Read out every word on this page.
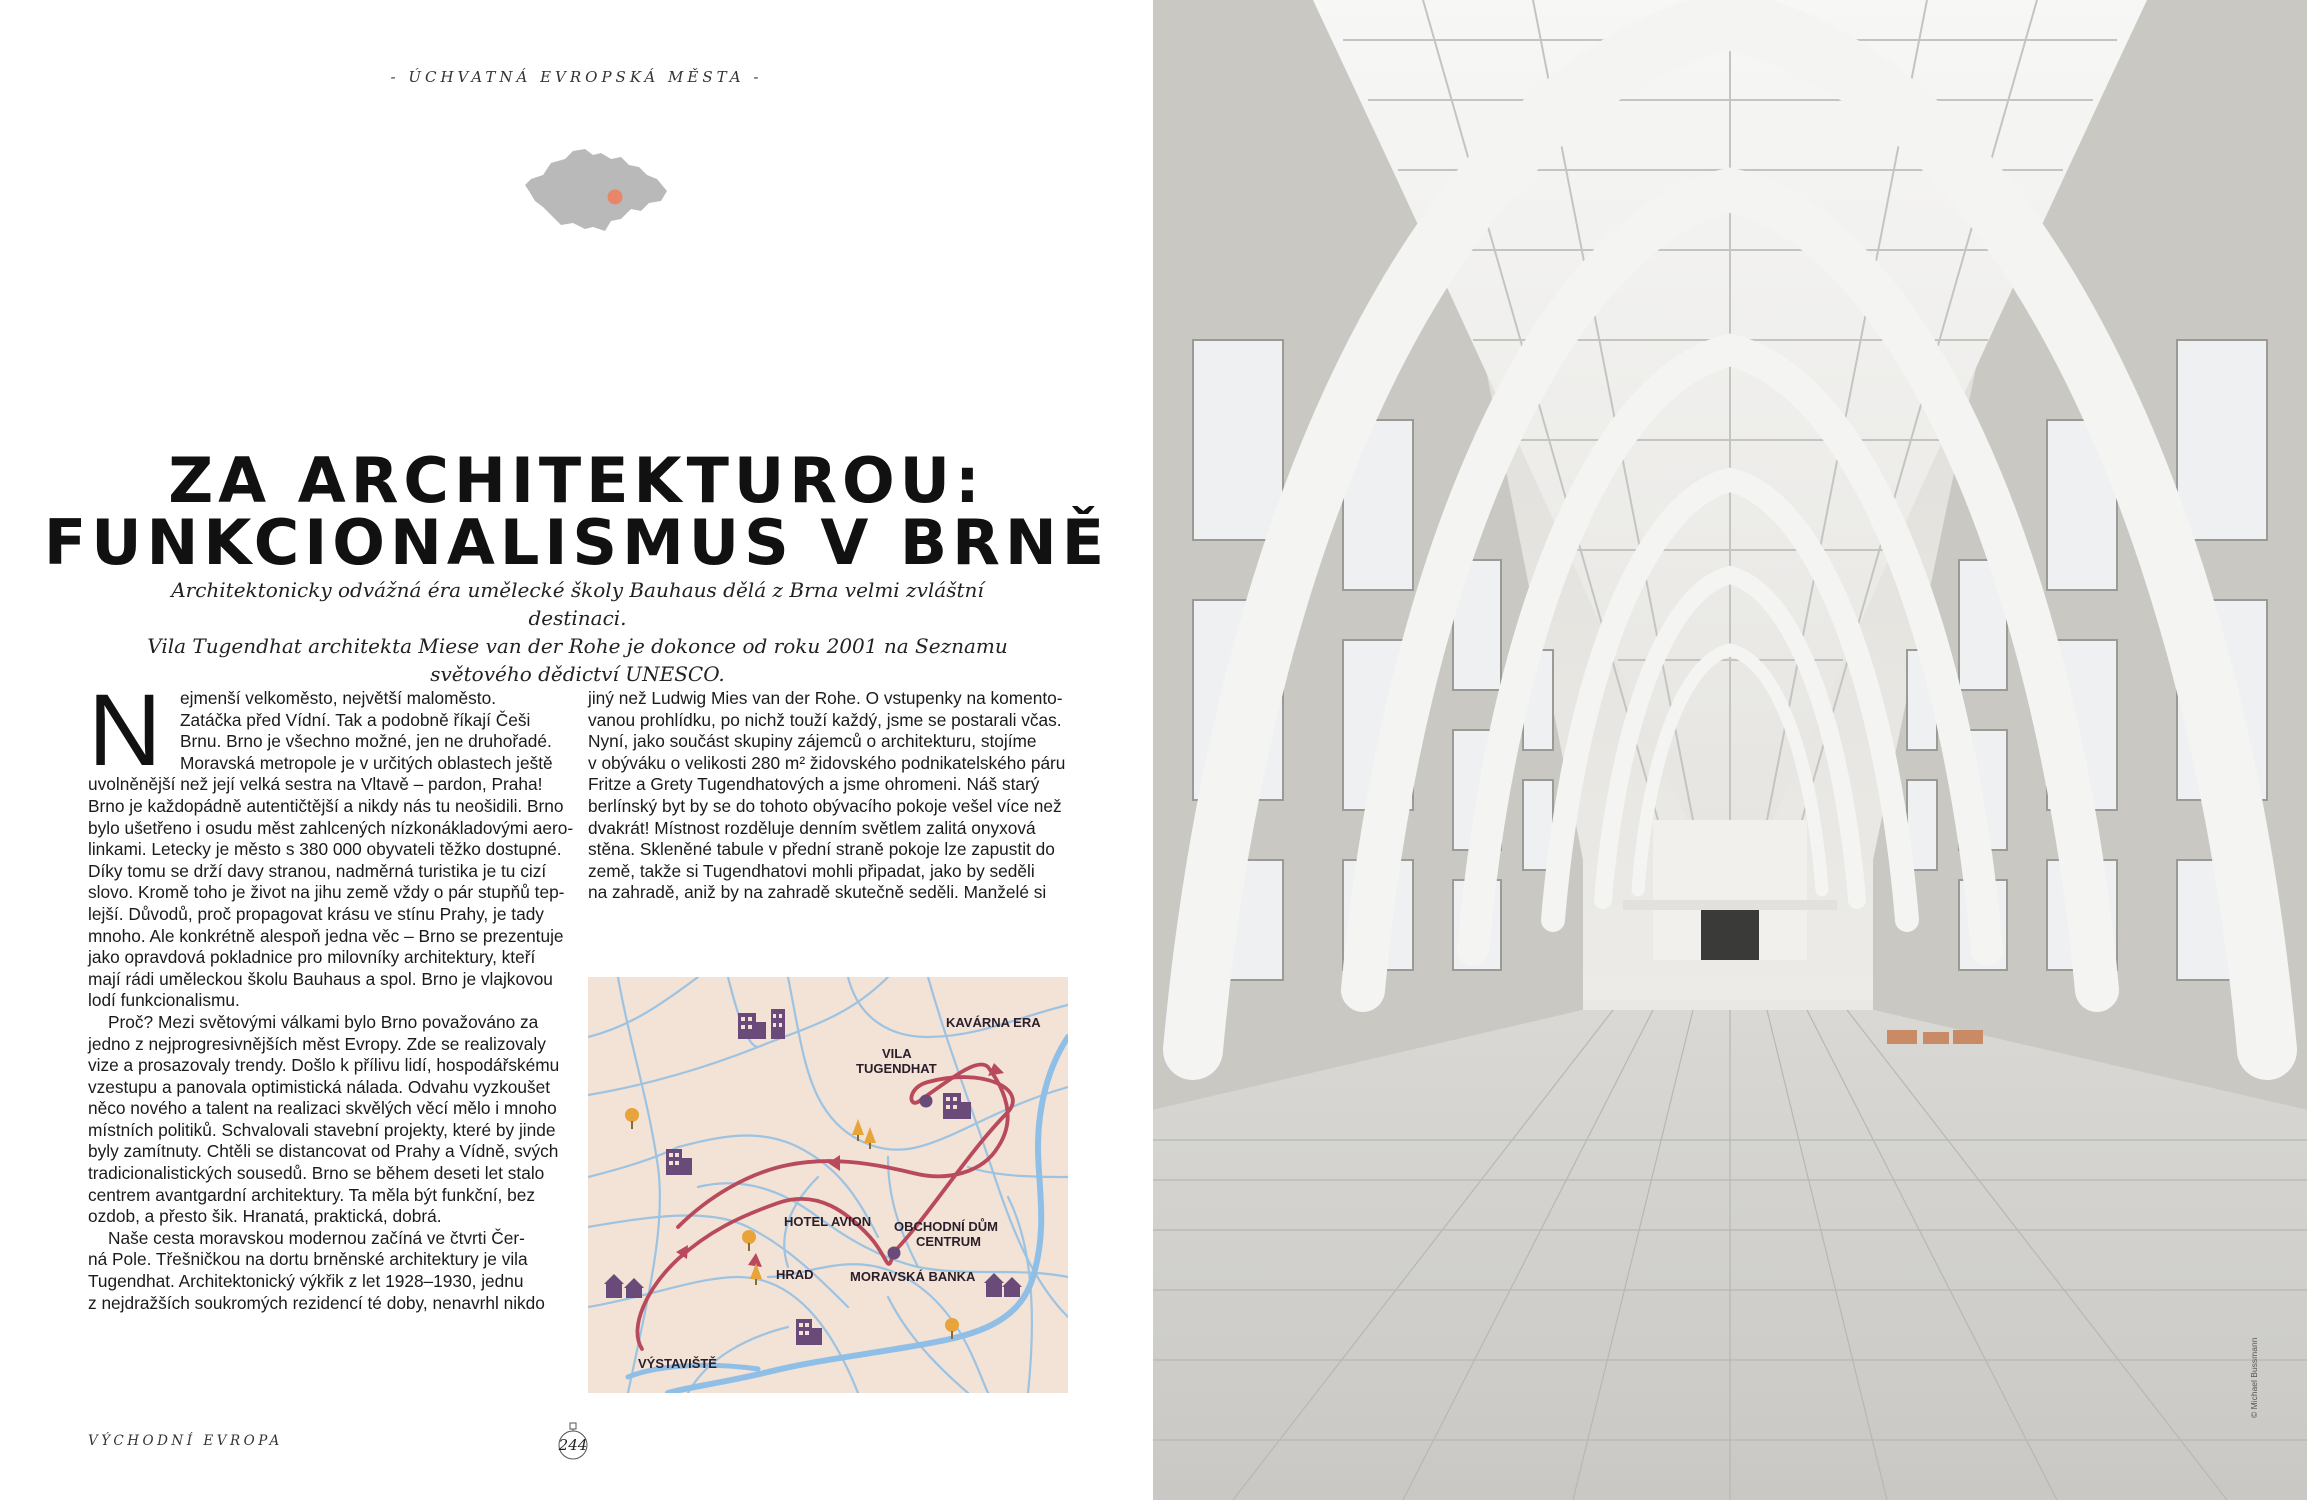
- ÚCHVATNÁ EVROPSKÁ MĚSTA -
ZA ARCHITEKTUROU:
FUNKCIONALISMUS V BRNĚ
Architektonicky odvážná éra umělecké školy Bauhaus dělá z Brna velmi zvláštní destinaci.
Vila Tugendhat architekta Miese van der Rohe je dokonce od roku 2001 na Seznamu
světového dědictví UNESCO.
N	ejmenší velkoměsto, největší maloměsto.
Zatáčka před Vídní. Tak a podobně říkají Češi
Brnu. Brno je všechno možné, jen ne druhořadé.
Moravská metropole je v určitých oblastech ještě
uvolněnější než její velká sestra na Vltavě – pardon, Praha!
Brno je každopádně autentičtější a nikdy nás tu neošidili. Brno
bylo ušetřeno i osudu měst zahlcených nízkonákladovými aero-
linkami. Letecky je město s 380 000 obyvateli těžko dostupné.
Díky tomu se drží davy stranou, nadměrná turistika je tu cizí
slovo. Kromě toho je život na jihu země vždy o pár stupňů tep-
lejší. Důvodů, proč propagovat krásu ve stínu Prahy, je tady
mnoho. Ale konkrétně alespoň jedna věc – Brno se prezentuje
jako opravdová pokladnice pro milovníky architektury, kteří
mají rádi uměleckou školu Bauhaus a spol. Brno je vlajkovou
lodí funkcionalismu.
Proč? Mezi světovými válkami bylo Brno považováno za
jedno z nejprogresivnějších měst Evropy. Zde se realizovaly
vize a prosazovaly trendy. Došlo k přílivu lidí, hospodářskému
vzestupu a panovala optimistická nálada. Odvahu vyzkoušet
něco nového a talent na realizaci skvělých věcí mělo i mnoho
místních politiků. Schvalovali stavební projekty, které by jinde
byly zamítnuty. Chtěli se distancovat od Prahy a Vídně, svých
tradicionalistických sousedů. Brno se během deseti let stalo
centrem avantgardní architektury. Ta měla být funkční, bez
ozdob, a přesto šik. Hranatá, praktická, dobrá.
Naše cesta moravskou modernou začíná ve čtvrti Čer-
ná Pole. Třešničkou na dortu brněnské architektury je vila
Tugendhat. Architektonický výkřik z let 1928–1930, jednu
z nejdražších soukromých rezidencí té doby, nenavrhl nikdo
jiný než Ludwig Mies van der Rohe. O vstupenky na komento-
vanou prohlídku, po nichž touží každý, jsme se postarali včas.
Nyní, jako součást skupiny zájemců o architekturu, stojíme
v obýváku o velikosti 280 m² židovského podnikatelského páru
Fritze a Grety Tugendhatových a jsme ohromeni. Náš starý
berlínský byt by se do tohoto obývacího pokoje vešel více než
dvakrát! Místnost rozděluje denním světlem zalitá onyxová
stěna. Skleněné tabule v přední straně pokoje lze zapustit do
země, takže si Tugendhatovi mohli připadat, jako by seděli
na zahradě, aniž by na zahradě skutečně seděli. Manželé si
KAVÁRNA ERA
VILA
TUGENDHAT
HOTEL AVION OBCHODNÍ DŮM
CENTRUM
HRAD	MORAVSKÁ BANKA
VÝSTAVIŠTĚ
VÝCHODNÍ EVROPA	244
© Michael Bussmann
